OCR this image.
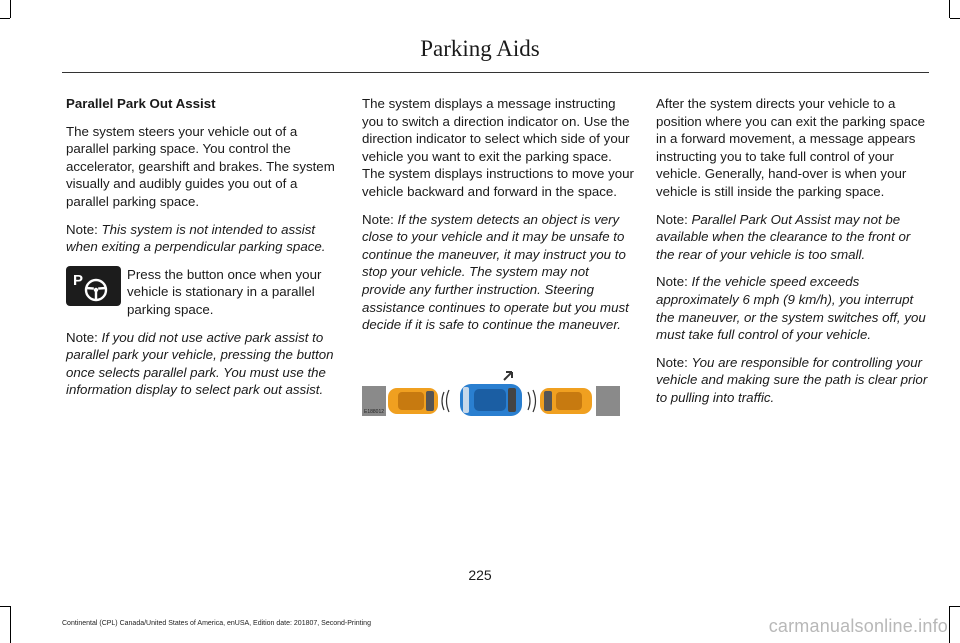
Parking Aids

Parallel Park Out Assist

The system steers your vehicle out of a parallel parking space. You control the accelerator, gearshift and brakes. The system visually and audibly guides you out of a parallel parking space.

Note: This system is not intended to assist when exiting a perpendicular parking space.

P	Press the button once when your vehicle is stationary in a parallel parking space.

Note: If you did not use active park assist to parallel park your vehicle, pressing the button once selects parallel park. You must use the information display to select park out assist.

The system displays a message instructing you to switch a direction indicator on. Use the direction indicator to select which side of your vehicle you want to exit the parking space. The system displays instructions to move your vehicle backward and forward in the space.

Note: If the system detects an object is very close to your vehicle and it may be unsafe to continue the maneuver, it may instruct you to stop your vehicle. The system may not provide any further instruction. Steering assistance continues to operate but you must decide if it is safe to continue the maneuver.

E188012

After the system directs your vehicle to a position where you can exit the parking space in a forward movement, a message appears instructing you to take full control of your vehicle. Generally, hand-over is when your vehicle is still inside the parking space.

Note: Parallel Park Out Assist may not be available when the clearance to the front or the rear of your vehicle is too small.

Note: If the vehicle speed exceeds approximately 6 mph (9 km/h), you interrupt the maneuver, or the system switches off, you must take full control of your vehicle.

Note: You are responsible for controlling your vehicle and making sure the path is clear prior to pulling into traffic.

225
Continental (CPL) Canada/United States of America, enUSA, Edition date: 201807, Second-Printing	carmanualsonline.info
